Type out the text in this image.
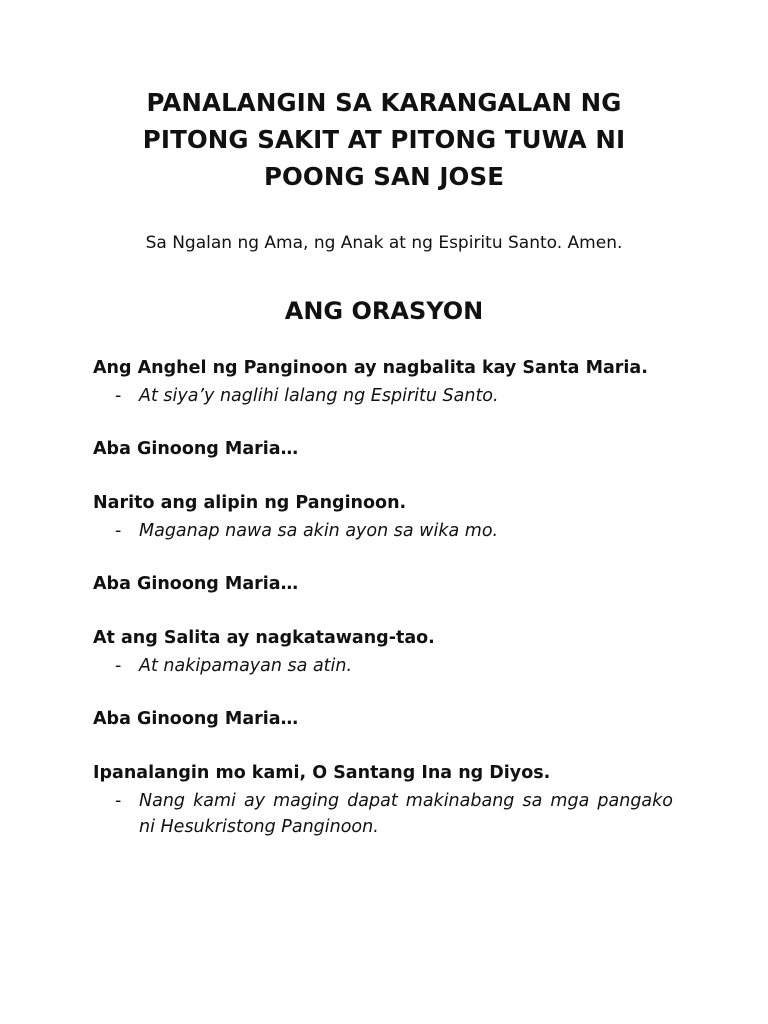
PANALANGIN SA KARANGALAN NG
PITONG SAKIT AT PITONG TUWA NI
POONG SAN JOSE
Sa Ngalan ng Ama, ng Anak at ng Espiritu Santo. Amen.
ANG ORASYON

Ang Anghel ng Panginoon ay nagbalita kay Santa Maria.

- At siya’y naglihi lalang ng Espiritu Santo.

Aba Ginoong Maria…

Narito ang alipin ng Panginoon.

- Maganap nawa sa akin ayon sa wika mo.

Aba Ginoong Maria…

At ang Salita ay nagkatawang-tao.

- At nakipamayan sa atin.

Aba Ginoong Maria…

Ipanalangin mo kami, O Santang Ina ng Diyos.

- Nang kami ay maging dapat makinabang sa mga pangako ni Hesukristong Panginoon.
